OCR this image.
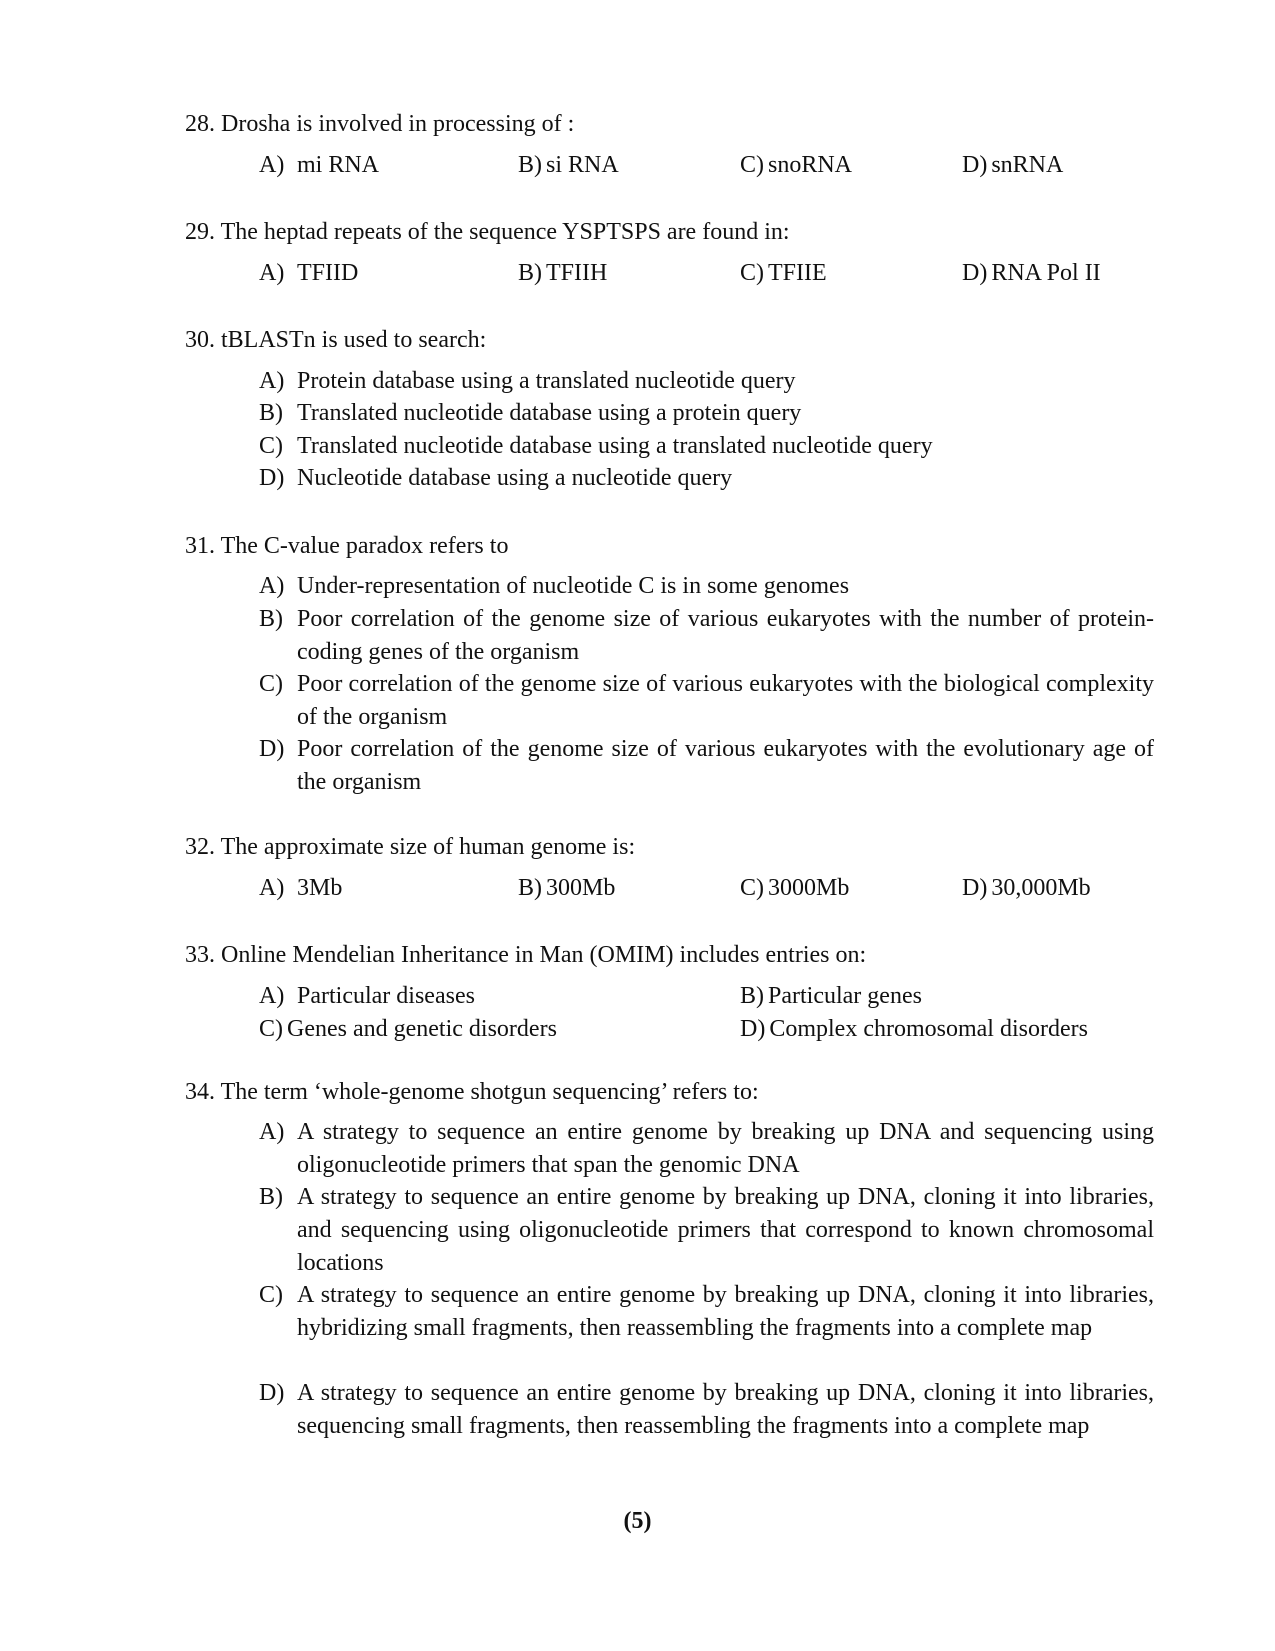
28. Drosha is involved in processing of :
A) mi RNA	B) si RNA	C) snoRNA	D) snRNA
29. The heptad repeats of the sequence YSPTSPS are found in:
A) TFIID	B) TFIIH	C) TFIIE	D) RNA Pol II
30. tBLASTn is used to search:
A) Protein database using a translated nucleotide query
B) Translated nucleotide database using a protein query
C) Translated nucleotide database using a translated nucleotide query
D) Nucleotide database using a nucleotide query
31. The C-value paradox refers to
A) Under-representation of nucleotide C is in some genomes
B) Poor correlation of the genome size of various eukaryotes with the number of protein-coding genes of the organism
C) Poor correlation of the genome size of various eukaryotes with the biological complexity of the organism
D) Poor correlation of the genome size of various eukaryotes with the evolutionary age of the organism
32. The approximate size of human genome is:
A) 3Mb	B) 300Mb	C) 3000Mb	D) 30,000Mb
33. Online Mendelian Inheritance in Man (OMIM) includes entries on:
A) Particular diseases	B) Particular genes
C) Genes and genetic disorders	D) Complex chromosomal disorders
34. The term ‘whole-genome shotgun sequencing’ refers to:
A) A strategy to sequence an entire genome by breaking up DNA and sequencing using oligonucleotide primers that span the genomic DNA
B) A strategy to sequence an entire genome by breaking up DNA, cloning it into libraries, and sequencing using oligonucleotide primers that correspond to known chromosomal locations
C) A strategy to sequence an entire genome by breaking up DNA, cloning it into libraries, hybridizing small fragments, then reassembling the fragments into a complete map
D) A strategy to sequence an entire genome by breaking up DNA, cloning it into libraries, sequencing small fragments, then reassembling the fragments into a complete map
(5)
